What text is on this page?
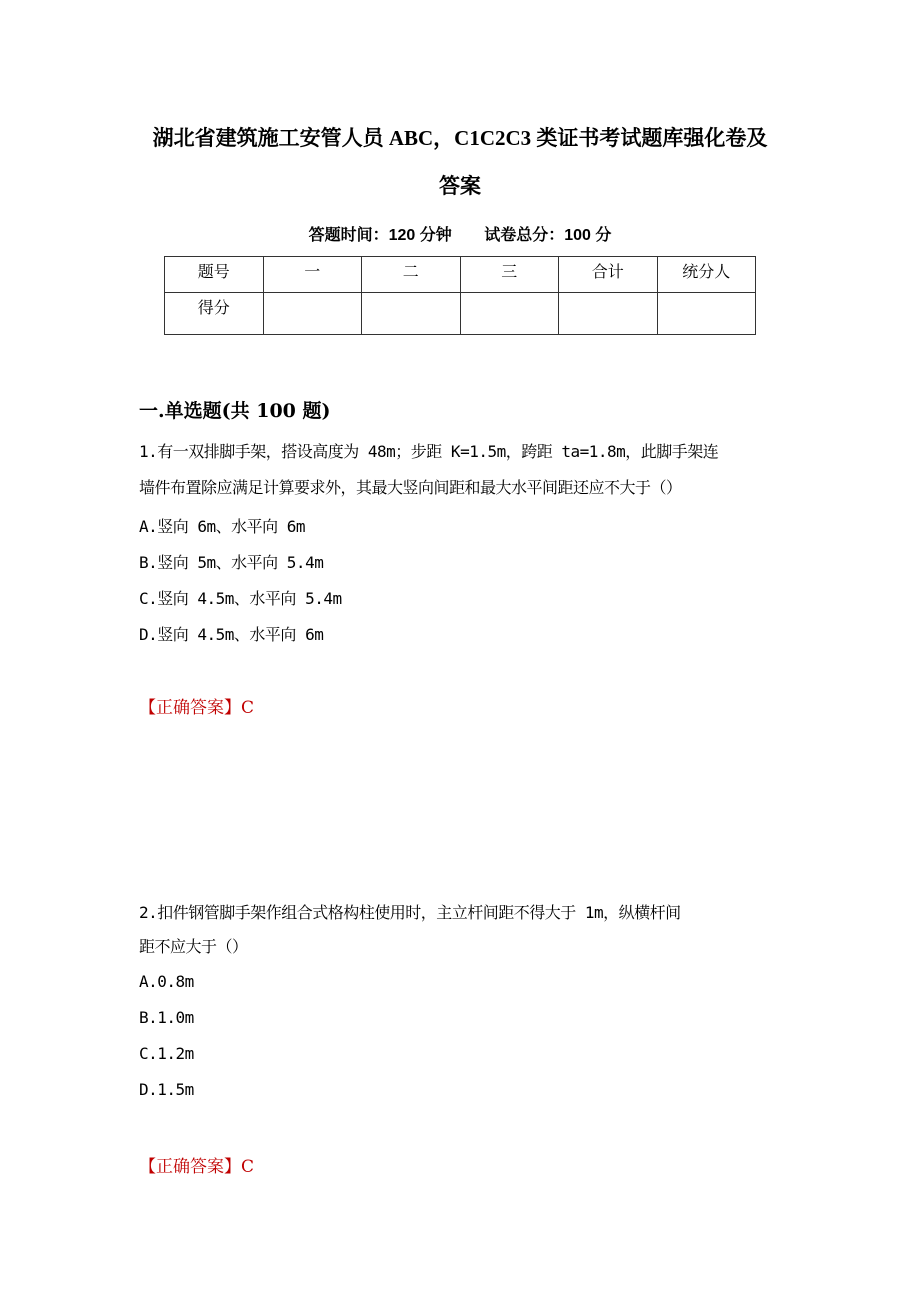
湖北省建筑施工安管人员 ABC，C1C2C3 类证书考试题库强化卷及
答案
答题时间：120 分钟 试卷总分：100 分
题号	一	二	三	合计	统分人
得分					
一.单选题(共 100 题)
1.有一双排脚手架，搭设高度为 48m；步距 K=1.5m，跨距 ta=1.8m，此脚手架连
墙件布置除应满足计算要求外，其最大竖向间距和最大水平间距还应不大于（）
A.竖向 6m、水平向 6m
B.竖向 5m、水平向 5.4m
C.竖向 4.5m、水平向 5.4m
D.竖向 4.5m、水平向 6m
【正确答案】C
2.扣件钢管脚手架作组合式格构柱使用时，主立杆间距不得大于 1m，纵横杆间
距不应大于（）
A.0.8m
B.1.0m
C.1.2m
D.1.5m
【正确答案】C
